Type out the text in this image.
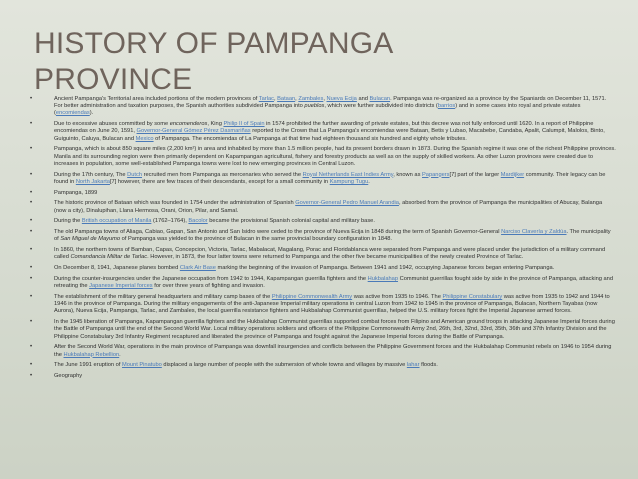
HISTORY OF PAMPANGA
PROVINCE
•	Ancient Pampanga's Territorial area included portions of the modern provinces of Tarlac, Bataan, Zambales, Nueva Ecija and Bulacan. Pampanga was re-organized as a province by the Spaniards on December 11, 1571. For better administration and taxation purposes, the Spanish authorities subdivided Pampanga into pueblos, which were further subdivided into districts (barrios) and in some cases into royal and private estates (encomiendas).
•	Due to excessive abuses committed by some encomenderos, King Philip II of Spain in 1574 prohibited the further awarding of private estates, but this decree was not fully enforced until 1620. In a report of Philippine encomiendas on June 20, 1591, Governor-General Gómez Pérez Dasmariñas reported to the Crown that La Pampanga's encomiendas were Bataan, Betis y Lubao, Macabebe, Candaba, Apalit, Calumpit, Malolos, Binto, Guiguinto, Caluya, Bulacan and Mexico of Pampanga. The encomiendas of La Pampanga at that time had eighteen thousand six hundred and eighty whole tributes.
•	Pampanga, which is about 850 square miles (2,200 km²) in area and inhabited by more than 1.5 million people, had its present borders drawn in 1873. During the Spanish regime it was one of the richest Philippine provinces. Manila and its surrounding region were then primarily dependent on Kapampangan agricultural, fishery and forestry products as well as on the supply of skilled workers. As other Luzon provinces were created due to increases in population, some well-established Pampanga towns were lost to new emerging provinces in Central Luzon.
•	During the 17th century, The Dutch recruited men from Pampanga as mercenaries who served the Royal Netherlands East Indies Army, known as Papangers[7] part of the larger Mardijker community. Their legacy can be found in North Jakarta[7] however, there are few traces of their descendants, except for a small community in Kampung Tugu.
•	Pampanga, 1899
•	The historic province of Bataan which was founded in 1754 under the administration of Spanish Governor-General Pedro Manuel Arandia, absorbed from the province of Pampanga the municipalities of Abucay, Balanga (now a city), Dinalupihan, Llana Hermosa, Orani, Orion, Pilar, and Samal.
•	During the British occupation of Manila (1762–1764), Bacolor became the provisional Spanish colonial capital and military base.
•	The old Pampanga towns of Aliaga, Cabiao, Gapan, San Antonio and San Isidro were ceded to the province of Nueva Ecija in 1848 during the term of Spanish Governor-General Narciso Clavería y Zaldúa. The municipality of San Miguel de Mayumo of Pampanga was yielded to the province of Bulacan in the same provincial boundary configuration in 1848.
•	In 1860, the northern towns of Bamban, Capas, Concepcion, Victoria, Tarlac, Mabalacat, Magalang, Porac and Floridablanca were separated from Pampanga and were placed under the jurisdiction of a military command called Comandancia Militar de Tarlac. However, in 1873, the four latter towns were returned to Pampanga and the other five became municipalities of the newly created Province of Tarlac.
•	On December 8, 1941, Japanese planes bombed Clark Air Base marking the beginning of the invasion of Pampanga. Between 1941 and 1942, occupying Japanese forces began entering Pampanga.
•	During the counter-insurgencies under the Japanese occupation from 1942 to 1944, Kapampangan guerrilla fighters and the Hukbalahap Communist guerrillas fought side by side in the province of Pampanga, attacking and retreating the Japanese Imperial forces for over three years of fighting and invasion.
•	The establishment of the military general headquarters and military camp bases of the Philippine Commonwealth Army was active from 1935 to 1946. The Philippine Constabulary was active from 1935 to 1942 and 1944 to 1946 in the province of Pampanga. During the military engagements of the anti-Japanese Imperial military operations in central Luzon from 1942 to 1945 in the province of Pampanga, Bulacan, Northern Tayabas (now Aurora), Nueva Ecija, Pampanga, Tarlac, and Zambales, the local guerrilla resistance fighters and Hukbalahap Communist guerrillas, helped the U.S. military forces fight the Imperial Japanese armed forces.
•	In the 1945 liberation of Pampanga, Kapampangan guerrilla fighters and the Hukbalahap Communist guerrillas supported combat forces from Filipino and American ground troops in attacking Japanese Imperial forces during the Battle of Pampanga until the end of the Second World War. Local military operations soldiers and officers of the Philippine Commonwealth Army 2nd, 26th, 3rd, 32nd, 33rd, 35th, 36th and 37th Infantry Division and the Philippine Constabulary 3rd Infantry Regiment recaptured and liberated the province of Pampanga and fought against the Japanese Imperial forces during the Battle of Pampanga.
•	After the Second World War, operations in the main province of Pampanga was downfall insurgencies and conflicts between the Philippine Government forces and the Hukbalahap Communist rebels on 1946 to 1954 during the Hukbalahap Rebellion.
•	The June 1991 eruption of Mount Pinatubo displaced a large number of people with the submersion of whole towns and villages by massive lahar floods.
•	Geography
